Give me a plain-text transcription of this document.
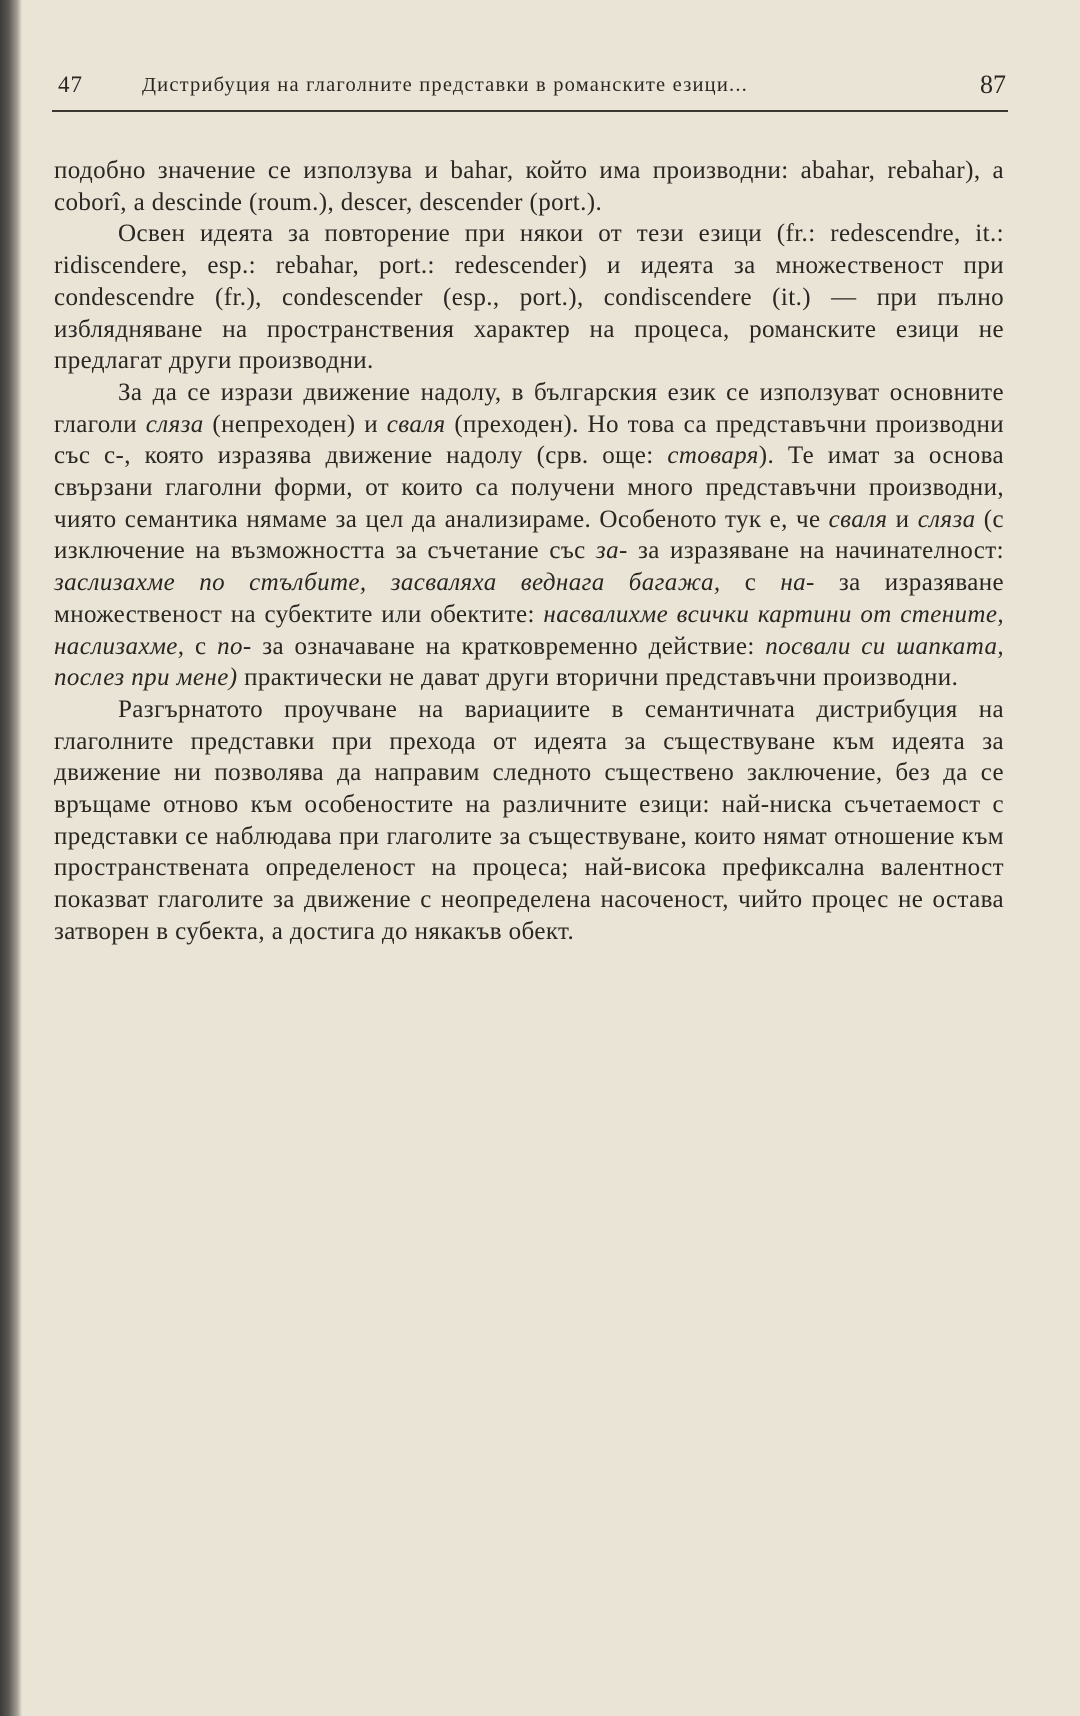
47	Дистрибуция на глаголните представки в романските езици...	87

подобно значение се използува и bahar, който има производни: abahar, rebahar), a coborî, a descinde (roum.), descer, descender (port.).

Освен идеята за повторение при някои от тези езици (fr.: redescendre, it.: ridiscendere, esp.: rebahar, port.: redescender) и идеята за множественост при condescendre (fr.), condescender (esp., port.), condiscendere (it.) — при пълно изблядняване на пространствения характер на процеса, романските езици не предлагат други производни.

За да се изрази движение надолу, в българския език се използуват основните глаголи сляза (непреходен) и сваля (преходен). Но това са представъчни производни със с-, която изразява движение надолу (срв. още: стоваря). Те имат за основа свързани глаголни форми, от които са получени много представъчни производни, чиято семантика нямаме за цел да анализираме. Особеното тук е, че сваля и сляза (с изключение на възможността за съчетание със за- за изразяване на начинателност: заслизахме по стълбите, засваляха веднага багажа, с на- за изразяване множественост на субектите или обектите: насвалихме всички картини от стените, наслизахме, с по- за означаване на кратковременно действие: посвали си шапката, послез при мене) практически не дават други вторични представъчни производни.

Разгърнатото проучване на вариациите в семантичната дистрибуция на глаголните представки при прехода от идеята за съществуване към идеята за движение ни позволява да направим следното съществено заключение, без да се връщаме отново към особеностите на различните езици: най-ниска съчетаемост с представки се наблюдава при глаголите за съществуване, които нямат отношение към пространствената определеност на процеса; най-висока префиксална валентност показват глаголите за движение с неопределена насоченост, чийто процес не остава затворен в субекта, а достига до някакъв обект.
